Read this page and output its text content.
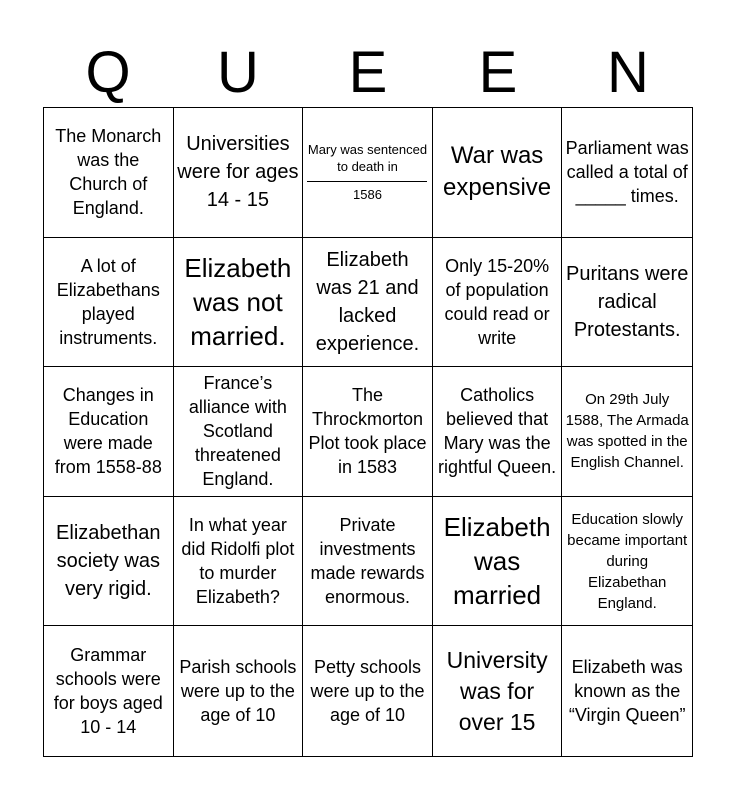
Q	U	E	E	N
The Monarch was the Church of England.
Universities were for ages 14 - 15
Mary was sentenced to death in
1586
War was expensive
Parliament was called a total of _____ times.
A lot of Elizabethans played instruments.
Elizabeth was not married.
Elizabeth was 21 and lacked experience.
Only 15-20% of population could read or write
Puritans were radical Protestants.
Changes in Education were made from 1558-88
France’s alliance with Scotland threatened England.
The Throckmorton Plot took place in 1583
Catholics believed that Mary was the rightful Queen.
On 29th July 1588, The Armada was spotted in the English Channel.
Elizabethan society was very rigid.
In what year did Ridolfi plot to murder Elizabeth?
Private investments made rewards enormous.
Elizabeth was married
Education slowly became important during Elizabethan England.
Grammar schools were for boys aged 10 - 14
Parish schools were up to the age of 10
Petty schools were up to the age of 10
University was for over 15
Elizabeth was known as the “Virgin Queen”
